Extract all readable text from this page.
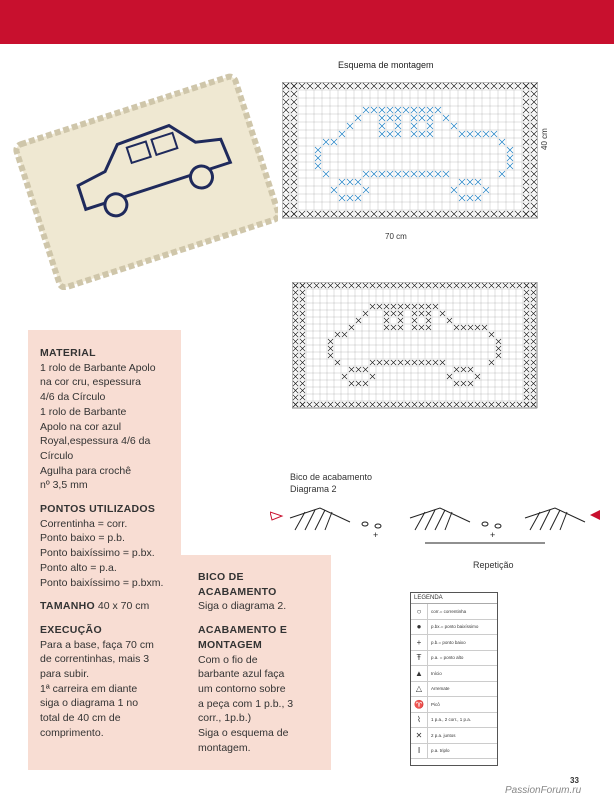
Esquema de montagem
40 cm
70 cm
MATERIAL
1 rolo de Barbante Apolo
na cor cru, espessura
4/6 da Círculo
1 rolo de Barbante
Apolo na cor azul
Royal,espessura 4/6 da
Círculo
Agulha para crochê
nº 3,5 mm
PONTOS UTILIZADOS
Correntinha = corr.
Ponto baixo = p.b.
Ponto baixíssimo = p.bx.
Ponto alto = p.a.
Ponto baixíssimo = p.bxm.
TAMANHO 40 x 70 cm
EXECUÇÃO
Para a base, faça 70 cm
de correntinhas, mais 3
para subir.
1ª carreira em diante
siga o diagrama 1 no
total de 40 cm de
comprimento.
BICO DE
ACABAMENTO
Siga o diagrama 2.
ACABAMENTO E
MONTAGEM
Com o fio de
barbante azul faça
um contorno sobre
a peça com 1 p.b., 3
corr., 1p.b.)
Siga o esquema de
montagem.
Bico de acabamento
Diagrama 2
+	+
Repetição
LEGENDA
○	corr.= correntinha
●	p.bx.= ponto baixíssimo
+	p.b.= ponto baixo
Ŧ	p.a. = ponto alto
▲	Início
△	Arremate
♈	Picô
⌇	1 p.a., 2 corr., 1 p.a.
✕	2 p.a. juntos
Ⅰ	p.a. triplo
33
PassionForum.ru
